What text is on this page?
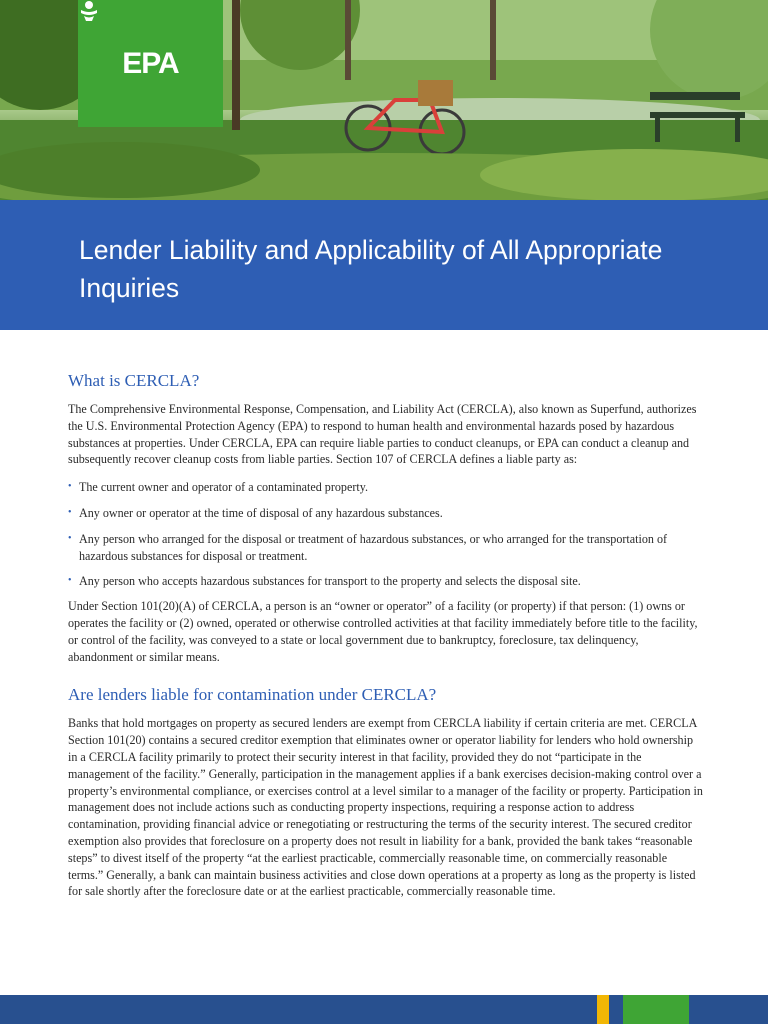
EPA
Lender Liability and Applicability of All Appropriate Inquiries
What is CERCLA?

The Comprehensive Environmental Response, Compensation, and Liability Act (CERCLA), also known as Superfund, authorizes the U.S. Environmental Protection Agency (EPA) to respond to human health and environmental hazards posed by hazardous substances at properties. Under CERCLA, EPA can require liable parties to conduct cleanups, or EPA can conduct a cleanup and subsequently recover cleanup costs from liable parties. Section 107 of CERCLA defines a liable party as:

• The current owner and operator of a contaminated property.
• Any owner or operator at the time of disposal of any hazardous substances.
• Any person who arranged for the disposal or treatment of hazardous substances, or who arranged for the transportation of hazardous substances for disposal or treatment.
• Any person who accepts hazardous substances for transport to the property and selects the disposal site.

Under Section 101(20)(A) of CERCLA, a person is an “owner or operator” of a facility (or property) if that person: (1) owns or operates the facility or (2) owned, operated or otherwise controlled activities at that facility immediately before title to the facility, or control of the facility, was conveyed to a state or local government due to bankruptcy, foreclosure, tax delinquency, abandonment or similar means.

Are lenders liable for contamination under CERCLA?

Banks that hold mortgages on property as secured lenders are exempt from CERCLA liability if certain criteria are met. CERCLA Section 101(20) contains a secured creditor exemption that eliminates owner or operator liability for lenders who hold ownership in a CERCLA facility primarily to protect their security interest in that facility, provided they do not “participate in the management of the facility.” Generally, participation in the management applies if a bank exercises decision-making control over a property’s environmental compliance, or exercises control at a level similar to a manager of the facility or property. Participation in management does not include actions such as conducting property inspections, requiring a response action to address contamination, providing financial advice or renegotiating or restructuring the terms of the security interest. The secured creditor exemption also provides that foreclosure on a property does not result in liability for a bank, provided the bank takes “reasonable steps” to divest itself of the property “at the earliest practicable, commercially reasonable time, on commercially reasonable terms.” Generally, a bank can maintain business activities and close down operations at a property as long as the property is listed for sale shortly after the foreclosure date or at the earliest practicable, commercially reasonable time.
